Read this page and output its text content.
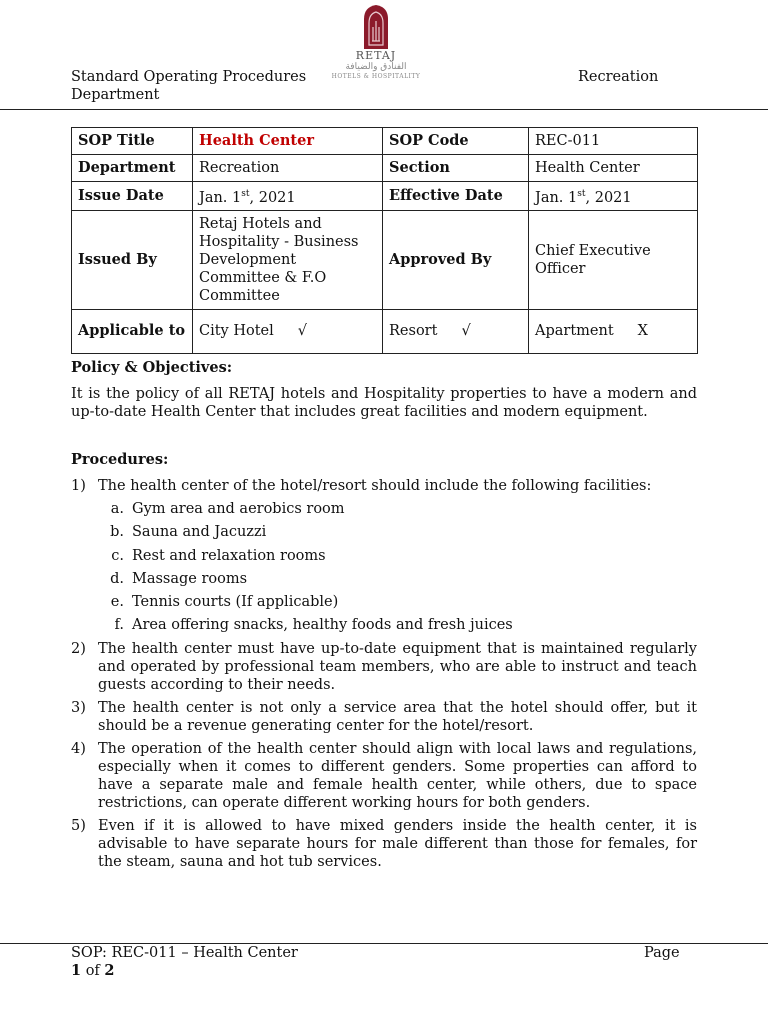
Standard Operating Procedures
Department
RETAJ
الفنادق والضيافة
HOTELS & HOSPITALITY	Recreation
SOP Title	Health Center	SOP Code	REC-011
Department	Recreation	Section	Health Center
Issue Date	Jan. 1st, 2021	Effective Date	Jan. 1st, 2021
Issued By	Retaj Hotels and Hospitality - Business Development Committee & F.O Committee	Approved By	Chief Executive Officer
Applicable to	City Hotel √	Resort √	Apartment X
Policy & Objectives:
It is the policy of all RETAJ hotels and Hospitality properties to have a modern and up-to-date Health Center that includes great facilities and modern equipment.
Procedures:
1) The health center of the hotel/resort should include the following facilities:
a. Gym area and aerobics room
b. Sauna and Jacuzzi
c. Rest and relaxation rooms
d. Massage rooms
e. Tennis courts (If applicable)
f. Area offering snacks, healthy foods and fresh juices
2) The health center must have up-to-date equipment that is maintained regularly and operated by professional team members, who are able to instruct and teach guests according to their needs.
3) The health center is not only a service area that the hotel should offer, but it should be a revenue generating center for the hotel/resort.
4) The operation of the health center should align with local laws and regulations, especially when it comes to different genders. Some properties can afford to have a separate male and female health center, while others, due to space restrictions, can operate different working hours for both genders.
5) Even if it is allowed to have mixed genders inside the health center, it is advisable to have separate hours for male different than those for females, for the steam, sauna and hot tub services.
SOP: REC-011 – Health Center
1 of 2
Page
